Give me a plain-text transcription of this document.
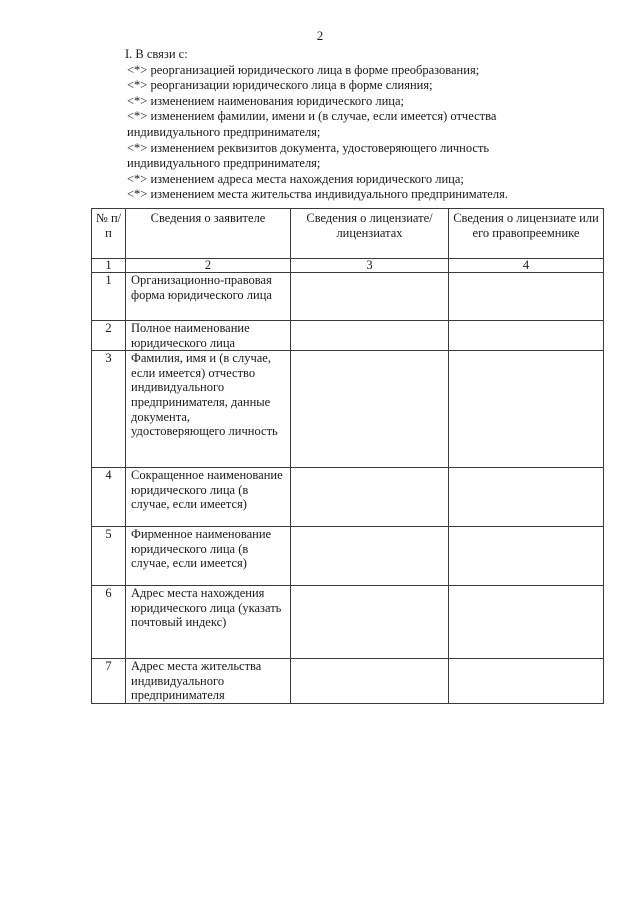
2
I. В связи с:
<*> реорганизацией юридического лица в форме преобразования;
<*> реорганизации юридического лица в форме слияния;
<*> изменением наименования юридического лица;
<*> изменением фамилии, имени и (в случае, если имеется) отчества
индивидуального предпринимателя;
<*> изменением реквизитов документа, удостоверяющего личность
индивидуального предпринимателя;
<*> изменением адреса места нахождения юридического лица;
<*> изменением места жительства индивидуального предпринимателя.
№ п/п	Сведения о заявителе	Сведения о лицензиате/ лицензиатах	Сведения о лицензиате или его правопреемнике
1	2	3	4
1	Организационно-правовая форма юридического лица		
2	Полное наименование юридического лица		
3	Фамилия, имя и (в случае, если имеется) отчество индивидуального предпринимателя, данные документа, удостоверяющего личность		
4	Сокращенное наименование юридического лица (в случае, если имеется)		
5	Фирменное наименование юридического лица (в случае, если имеется)		
6	Адрес места нахождения юридического лица (указать почтовый индекс)		
7	Адрес места жительства индивидуального предпринимателя		
